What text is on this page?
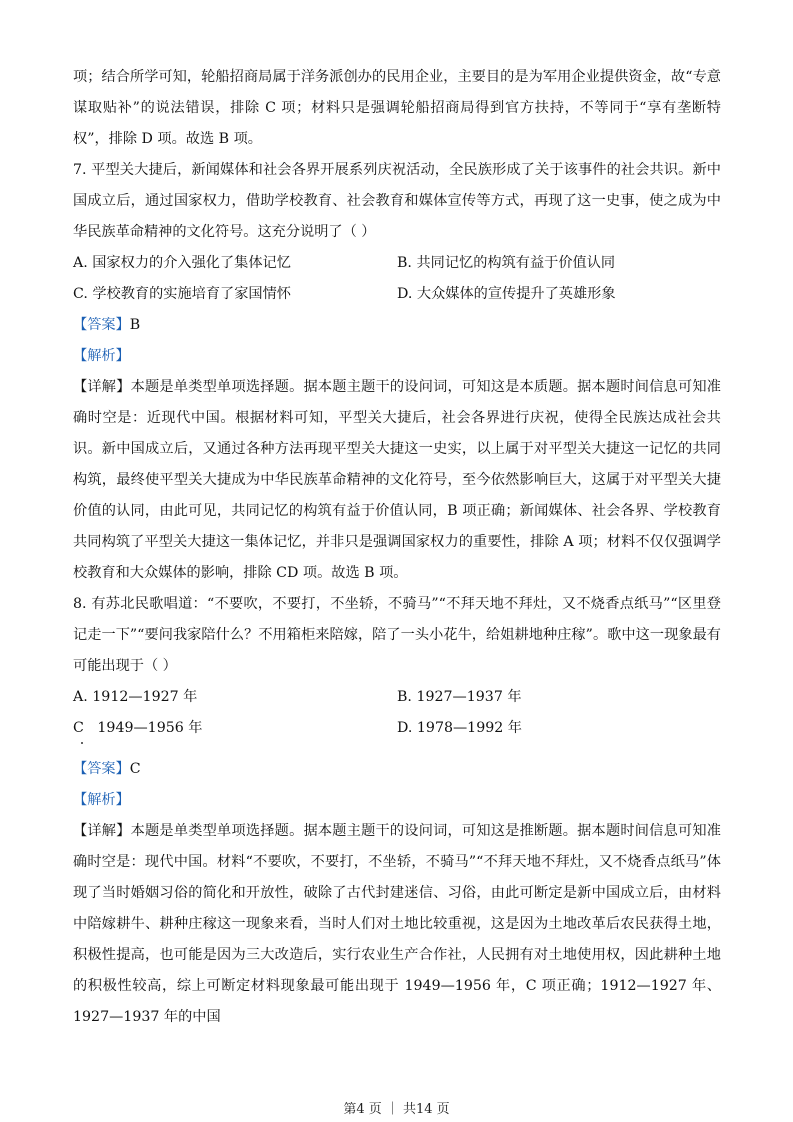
项；结合所学可知，轮船招商局属于洋务派创办的民用企业，主要目的是为军用企业提供资金，故“专意谋取贴补”的说法错误，排除 C 项；材料只是强调轮船招商局得到官方扶持，不等同于“享有垄断特权”，排除 D 项。故选 B 项。

7. 平型关大捷后，新闻媒体和社会各界开展系列庆祝活动，全民族形成了关于该事件的社会共识。新中国成立后，通过国家权力，借助学校教育、社会教育和媒体宣传等方式，再现了这一史事，使之成为中华民族革命精神的文化符号。这充分说明了（ ）

A. 国家权力的介入强化了集体记忆	B. 共同记忆的构筑有益于价值认同

C. 学校教育的实施培育了家国情怀	D. 大众媒体的宣传提升了英雄形象

【答案】B

【解析】

【详解】本题是单类型单项选择题。据本题主题干的设问词，可知这是本质题。据本题时间信息可知准确时空是：近现代中国。根据材料可知，平型关大捷后，社会各界进行庆祝，使得全民族达成社会共识。新中国成立后，又通过各种方法再现平型关大捷这一史实，以上属于对平型关大捷这一记忆的共同构筑，最终使平型关大捷成为中华民族革命精神的文化符号，至今依然影响巨大，这属于对平型关大捷价值的认同，由此可见，共同记忆的构筑有益于价值认同，B 项正确；新闻媒体、社会各界、学校教育共同构筑了平型关大捷这一集体记忆，并非只是强调国家权力的重要性，排除 A 项；材料不仅仅强调学校教育和大众媒体的影响，排除 CD 项。故选 B 项。

8. 有苏北民歌唱道：“不要吹，不要打，不坐轿，不骑马”“不拜天地不拜灶，又不烧香点纸马”“区里登记走一下”“要问我家陪什么？不用箱柜来陪嫁，陪了一头小花牛，给姐耕地种庄稼”。歌中这一现象最有可能出现于（ ）

A. 1912—1927 年	B. 1927—1937 年

C   1949—1956 年	D. 1978—1992 年

【答案】C

【解析】

【详解】本题是单类型单项选择题。据本题主题干的设问词，可知这是推断题。据本题时间信息可知准确时空是：现代中国。材料“不要吹，不要打，不坐轿，不骑马”“不拜天地不拜灶，又不烧香点纸马”体现了当时婚姻习俗的简化和开放性，破除了古代封建迷信、习俗，由此可断定是新中国成立后，由材料中陪嫁耕牛、耕种庄稼这一现象来看，当时人们对土地比较重视，这是因为土地改革后农民获得土地，积极性提高，也可能是因为三大改造后，实行农业生产合作社，人民拥有对土地使用权，因此耕种土地的积极性较高，综上可断定材料现象最可能出现于 1949—1956 年，C 项正确；1912—1927 年、1927—1937 年的中国

第4 页 ｜ 共14 页
